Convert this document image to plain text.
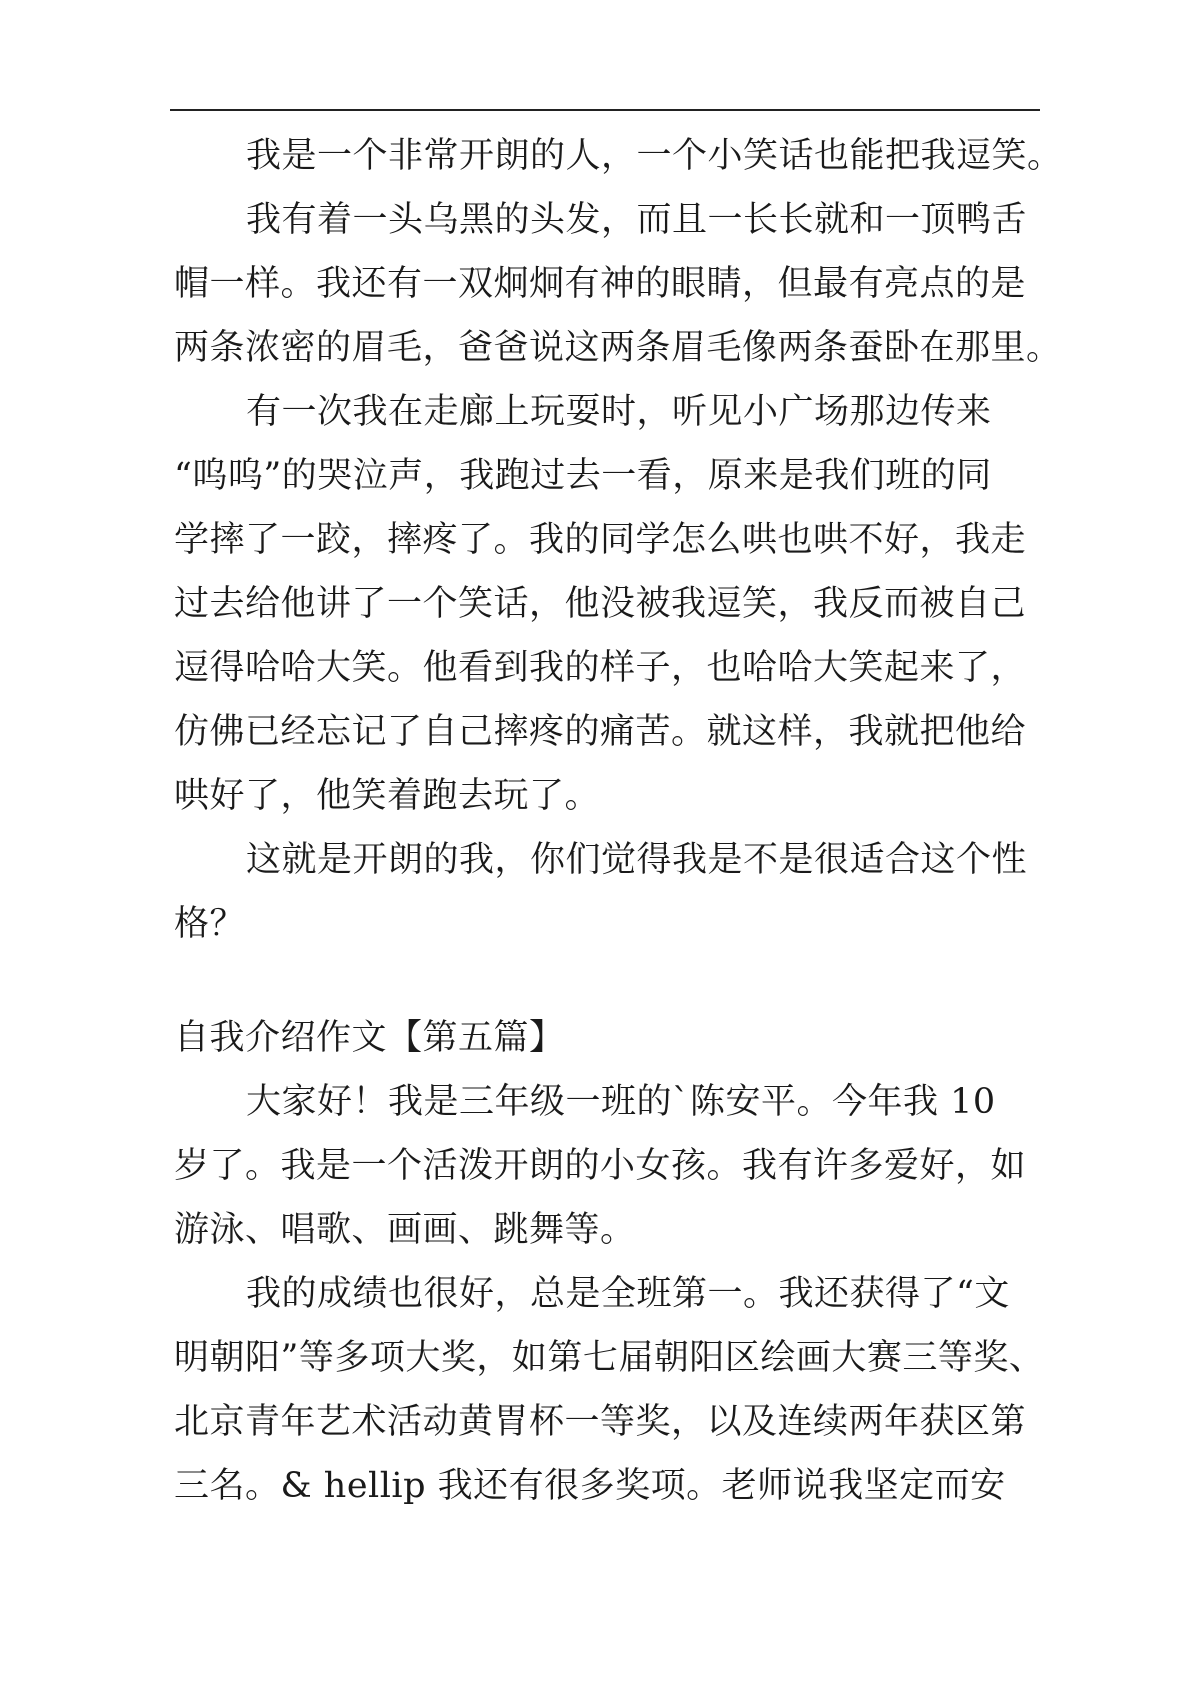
我是一个非常开朗的人，一个小笑话也能把我逗笑。
我有着一头乌黑的头发，而且一长长就和一顶鸭舌
帽一样。我还有一双炯炯有神的眼睛，但最有亮点的是
两条浓密的眉毛，爸爸说这两条眉毛像两条蚕卧在那里。
有一次我在走廊上玩耍时，听见小广场那边传来
“呜呜”的哭泣声，我跑过去一看，原来是我们班的同
学摔了一跤，摔疼了。我的同学怎么哄也哄不好，我走
过去给他讲了一个笑话，他没被我逗笑，我反而被自己
逗得哈哈大笑。他看到我的样子，也哈哈大笑起来了，
仿佛已经忘记了自己摔疼的痛苦。就这样，我就把他给
哄好了，他笑着跑去玩了。
这就是开朗的我，你们觉得我是不是很适合这个性
格？
自我介绍作文【第五篇】
大家好！我是三年级一班的`陈安平。今年我 10
岁了。我是一个活泼开朗的小女孩。我有许多爱好，如
游泳、唱歌、画画、跳舞等。
我的成绩也很好，总是全班第一。我还获得了“文
明朝阳”等多项大奖，如第七届朝阳区绘画大赛三等奖、
北京青年艺术活动黄胃杯一等奖，以及连续两年获区第
三名。& hellip 我还有很多奖项。老师说我坚定而安
